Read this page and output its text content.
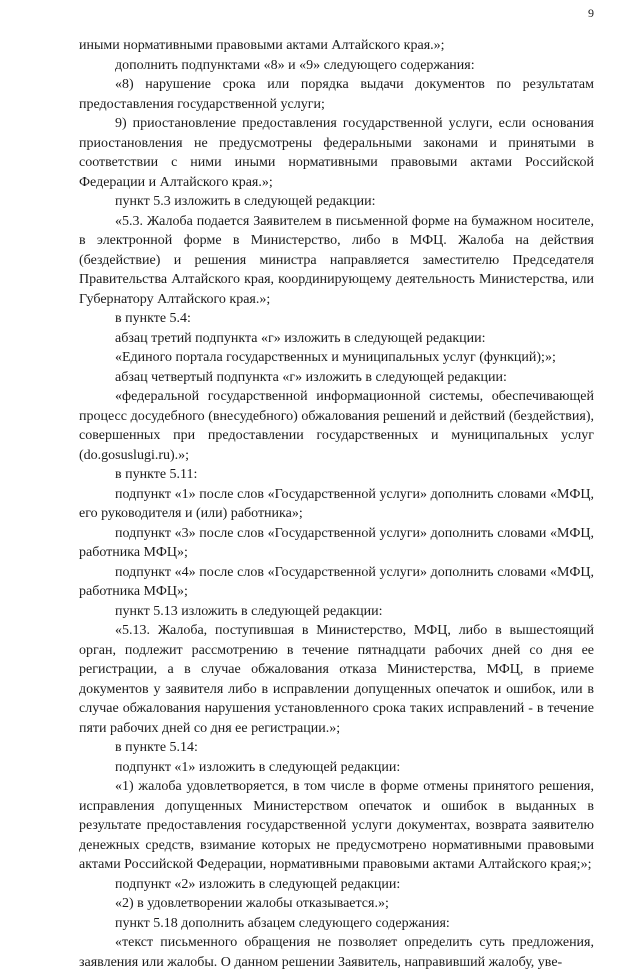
9

иными нормативными правовыми актами Алтайского края.»;

дополнить подпунктами «8» и «9» следующего содержания:

«8) нарушение срока или порядка выдачи документов по результатам предоставления государственной услуги;

9) приостановление предоставления государственной услуги, если основания приостановления не предусмотрены федеральными законами и принятыми в соответствии с ними иными нормативными правовыми актами Российской Федерации и Алтайского края.»;

пункт 5.3 изложить в следующей редакции:

«5.3. Жалоба подается Заявителем в письменной форме на бумажном носителе, в электронной форме в Министерство, либо в МФЦ. Жалоба на действия (бездействие) и решения министра направляется заместителю Председателя Правительства Алтайского края, координирующему деятельность Министерства, или Губернатору Алтайского края.»;

в пункте 5.4:

абзац третий подпункта «г» изложить в следующей редакции:

«Единого портала государственных и муниципальных услуг (функций);»;

абзац четвертый подпункта «г» изложить в следующей редакции:

«федеральной государственной информационной системы, обеспечивающей процесс досудебного (внесудебного) обжалования решений и действий (бездействия), совершенных при предоставлении государственных и муниципальных услуг (do.gosuslugi.ru).»;

в пункте 5.11:

подпункт «1» после слов «Государственной услуги» дополнить словами «МФЦ, его руководителя и (или) работника»;

подпункт «3» после слов «Государственной услуги» дополнить словами «МФЦ, работника МФЦ»;

подпункт «4» после слов «Государственной услуги» дополнить словами «МФЦ, работника МФЦ»;

пункт 5.13 изложить в следующей редакции:

«5.13. Жалоба, поступившая в Министерство, МФЦ, либо в вышестоящий орган, подлежит рассмотрению в течение пятнадцати рабочих дней со дня ее регистрации, а в случае обжалования отказа Министерства, МФЦ, в приеме документов у заявителя либо в исправлении допущенных опечаток и ошибок, или в случае обжалования нарушения установленного срока таких исправлений - в течение пяти рабочих дней со дня ее регистрации.»;

в пункте 5.14:

подпункт «1» изложить в следующей редакции:

«1) жалоба удовлетворяется, в том числе в форме отмены принятого решения, исправления допущенных Министерством опечаток и ошибок в выданных в результате предоставления государственной услуги документах, возврата заявителю денежных средств, взимание которых не предусмотрено нормативными правовыми актами Российской Федерации, нормативными правовыми актами Алтайского края;»;

подпункт «2» изложить в следующей редакции:

«2) в удовлетворении жалобы отказывается.»;

пункт 5.18 дополнить абзацем следующего содержания:

«текст письменного обращения не позволяет определить суть предложения, заявления или жалобы. О данном решении Заявитель, направивший жалобу, уве-
